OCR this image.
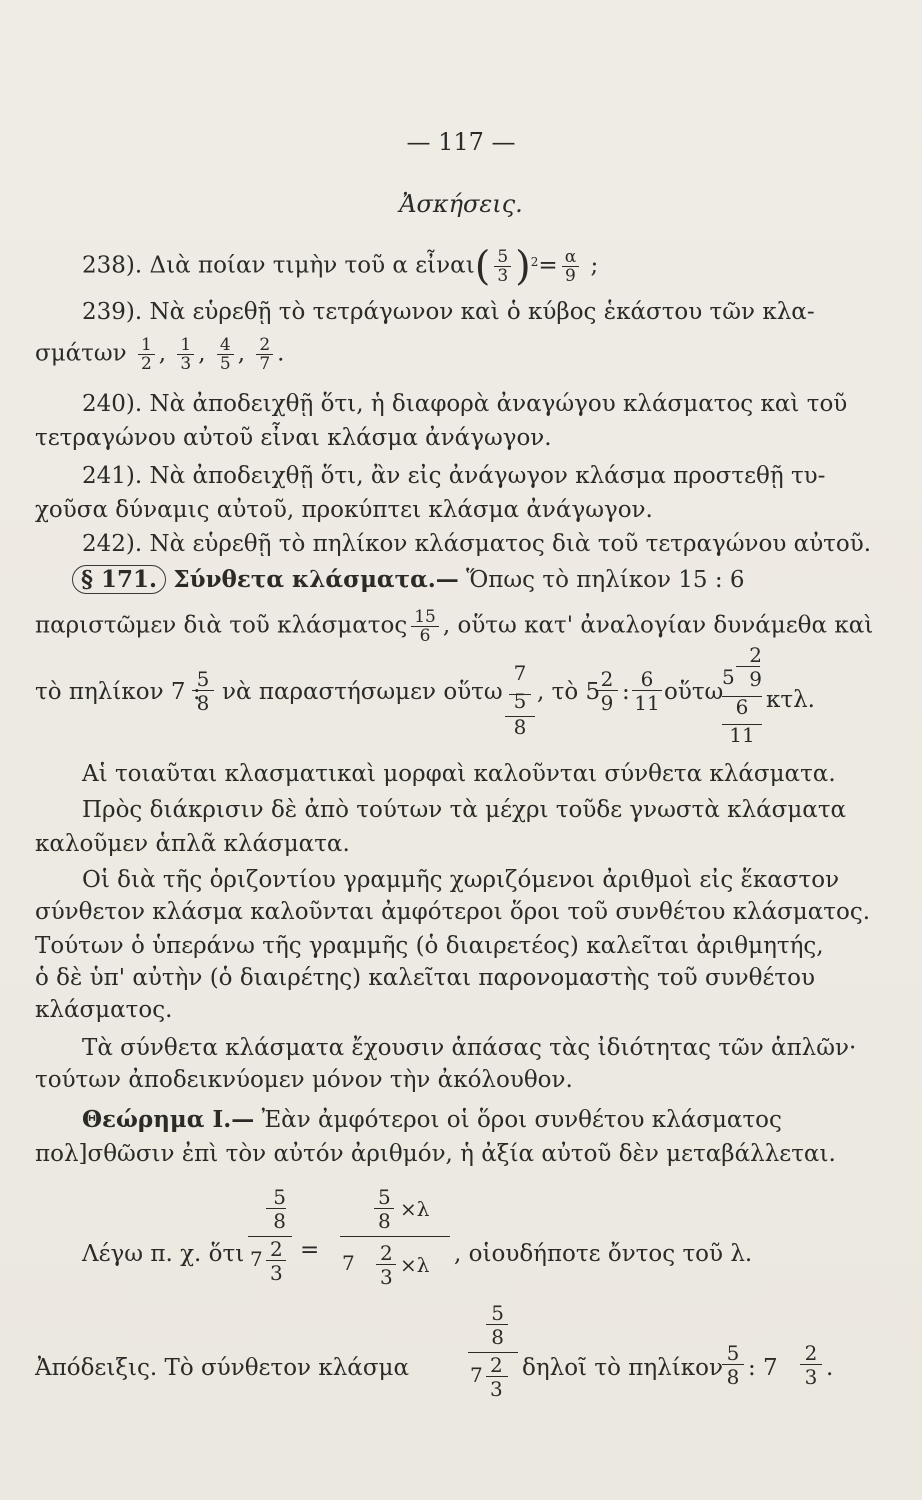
— 117 —
Ἀσκήσεις.
238). Διὰ ποίαν τιμὴν τοῦ α εἶναι( $\frac{5}{3} )^2= \frac{\alpha}{9}$ ;
239). Νὰ εὑρεθῇ τὸ τετράγωνον καὶ ὁ κύβος ἑκάστου τῶν κλα-
σμάτων $\frac{1}{2}$ , $\frac{1}{3}$ , $\frac{4}{5}$ , $\frac{2}{7}$ .
240). Νὰ ἀποδειχθῇ ὅτι, ἡ διαφορὰ ἀναγώγου κλάσματος καὶ τοῦ
τετραγώνου αὐτοῦ εἶναι κλάσμα ἀνάγωγον.
241). Νὰ ἀποδειχθῇ ὅτι, ἂν εἰς ἀνάγωγον κλάσμα προστεθῇ τυ-
χοῦσα δύναμις αὐτοῦ, προκύπτει κλάσμα ἀνάγωγον.
242). Νὰ εὑρεθῇ τὸ πηλίκον κλάσματος διὰ τοῦ τετραγώνου αὐτοῦ.
§ 171. Σύνθετα κλάσματα.— Ὅπως τὸ πηλίκον 15 : 6
παριστῶμεν διὰ τοῦ κλάσματος $\frac{15}{6}$ , οὕτω κατ' ἀναλογίαν δυνάμεθα καὶ
τὸ πηλίκον 7 :
5
8 νὰ παραστήσωμεν οὕτω
7
5
8
, τὸ 5 2
9 : 6
11 οὕτω
2
5 9
6
11
κτλ.
Αἱ τοιαῦται κλασματικαὶ μορφαὶ καλοῦνται σύνθετα κλάσματα.
Πρὸς διάκρισιν δὲ ἀπὸ τούτων τὰ μέχρι τοῦδε γνωστὰ κλάσματα
καλοῦμεν ἁπλᾶ κλάσματα.
Οἱ διὰ τῆς ὁριζοντίου γραμμῆς χωριζόμενοι ἀριθμοὶ εἰς ἕκαστον
σύνθετον κλάσμα καλοῦνται ἀμφότεροι ὅροι τοῦ συνθέτου κλάσματος.
Τούτων ὁ ὑπεράνω τῆς γραμμῆς (ὁ διαιρετέος) καλεῖται ἀριθμητής,
ὁ δὲ ὑπ' αὐτὴν (ὁ διαιρέτης) καλεῖται παρονομαστὴς τοῦ συνθέτου
κλάσματος.
Τὰ σύνθετα κλάσματα ἔχουσιν ἁπάσας τὰς ἰδιότητας τῶν ἁπλῶν·
τούτων ἀποδεικνύομεν μόνον τὴν ἀκόλουθον.
Θεώρημα Ι.— Ἐὰν ἀμφότεροι οἱ ὅροι συνθέτου κλάσματος
πολ]σθῶσιν ἐπὶ τὸν αὐτόν ἀριθμόν, ἡ ἀξία αὐτοῦ δὲν μεταβάλλεται.
Λέγω π. χ. ὅτι
5
8
7 2
3
=
5
8 ×λ
7 2
3 ×λ , οἱουδήποτε ὄντος τοῦ λ.
Ἀπόδειξις. Τὸ σύνθετον κλάσμα
5
8
7 2
3
δηλοῖ τὸ πηλίκον
5
8 : 7
2
3 .
